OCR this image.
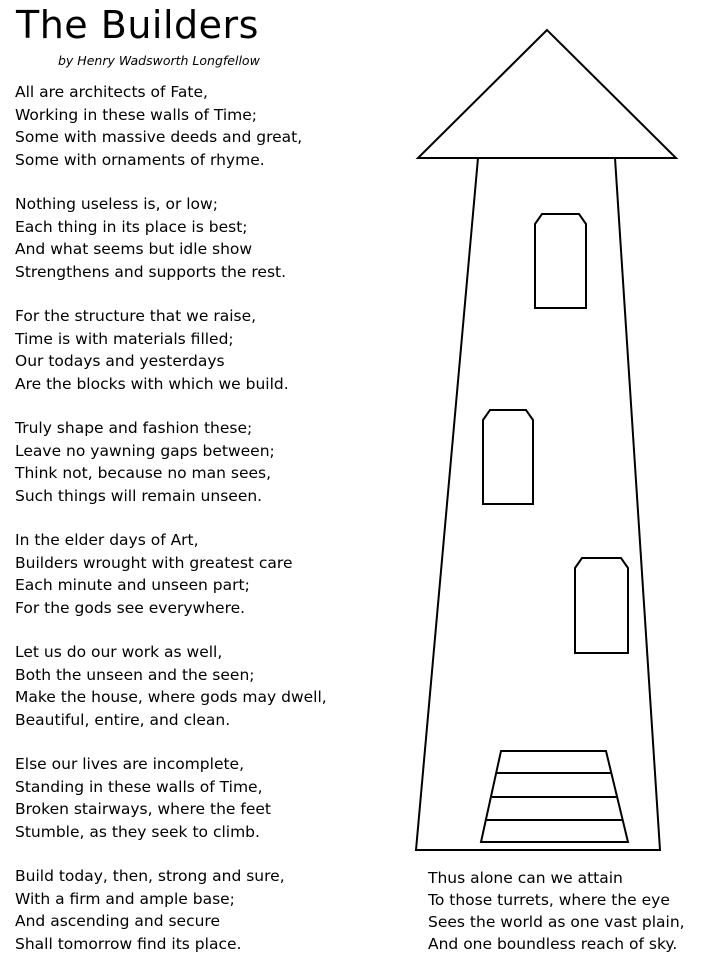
The Builders
by Henry Wadsworth Longfellow
All are architects of Fate,
Working in these walls of Time;
Some with massive deeds and great,
Some with ornaments of rhyme.
Nothing useless is, or low;
Each thing in its place is best;
And what seems but idle show
Strengthens and supports the rest.
For the structure that we raise,
Time is with materials filled;
Our todays and yesterdays
Are the blocks with which we build.
Truly shape and fashion these;
Leave no yawning gaps between;
Think not, because no man sees,
Such things will remain unseen.
In the elder days of Art,
Builders wrought with greatest care
Each minute and unseen part;
For the gods see everywhere.
Let us do our work as well,
Both the unseen and the seen;
Make the house, where gods may dwell,
Beautiful, entire, and clean.
Else our lives are incomplete,
Standing in these walls of Time,
Broken stairways, where the feet
Stumble, as they seek to climb.
Build today, then, strong and sure,
With a firm and ample base;
And ascending and secure
Shall tomorrow find its place.
Thus alone can we attain
To those turrets, where the eye
Sees the world as one vast plain,
And one boundless reach of sky.
